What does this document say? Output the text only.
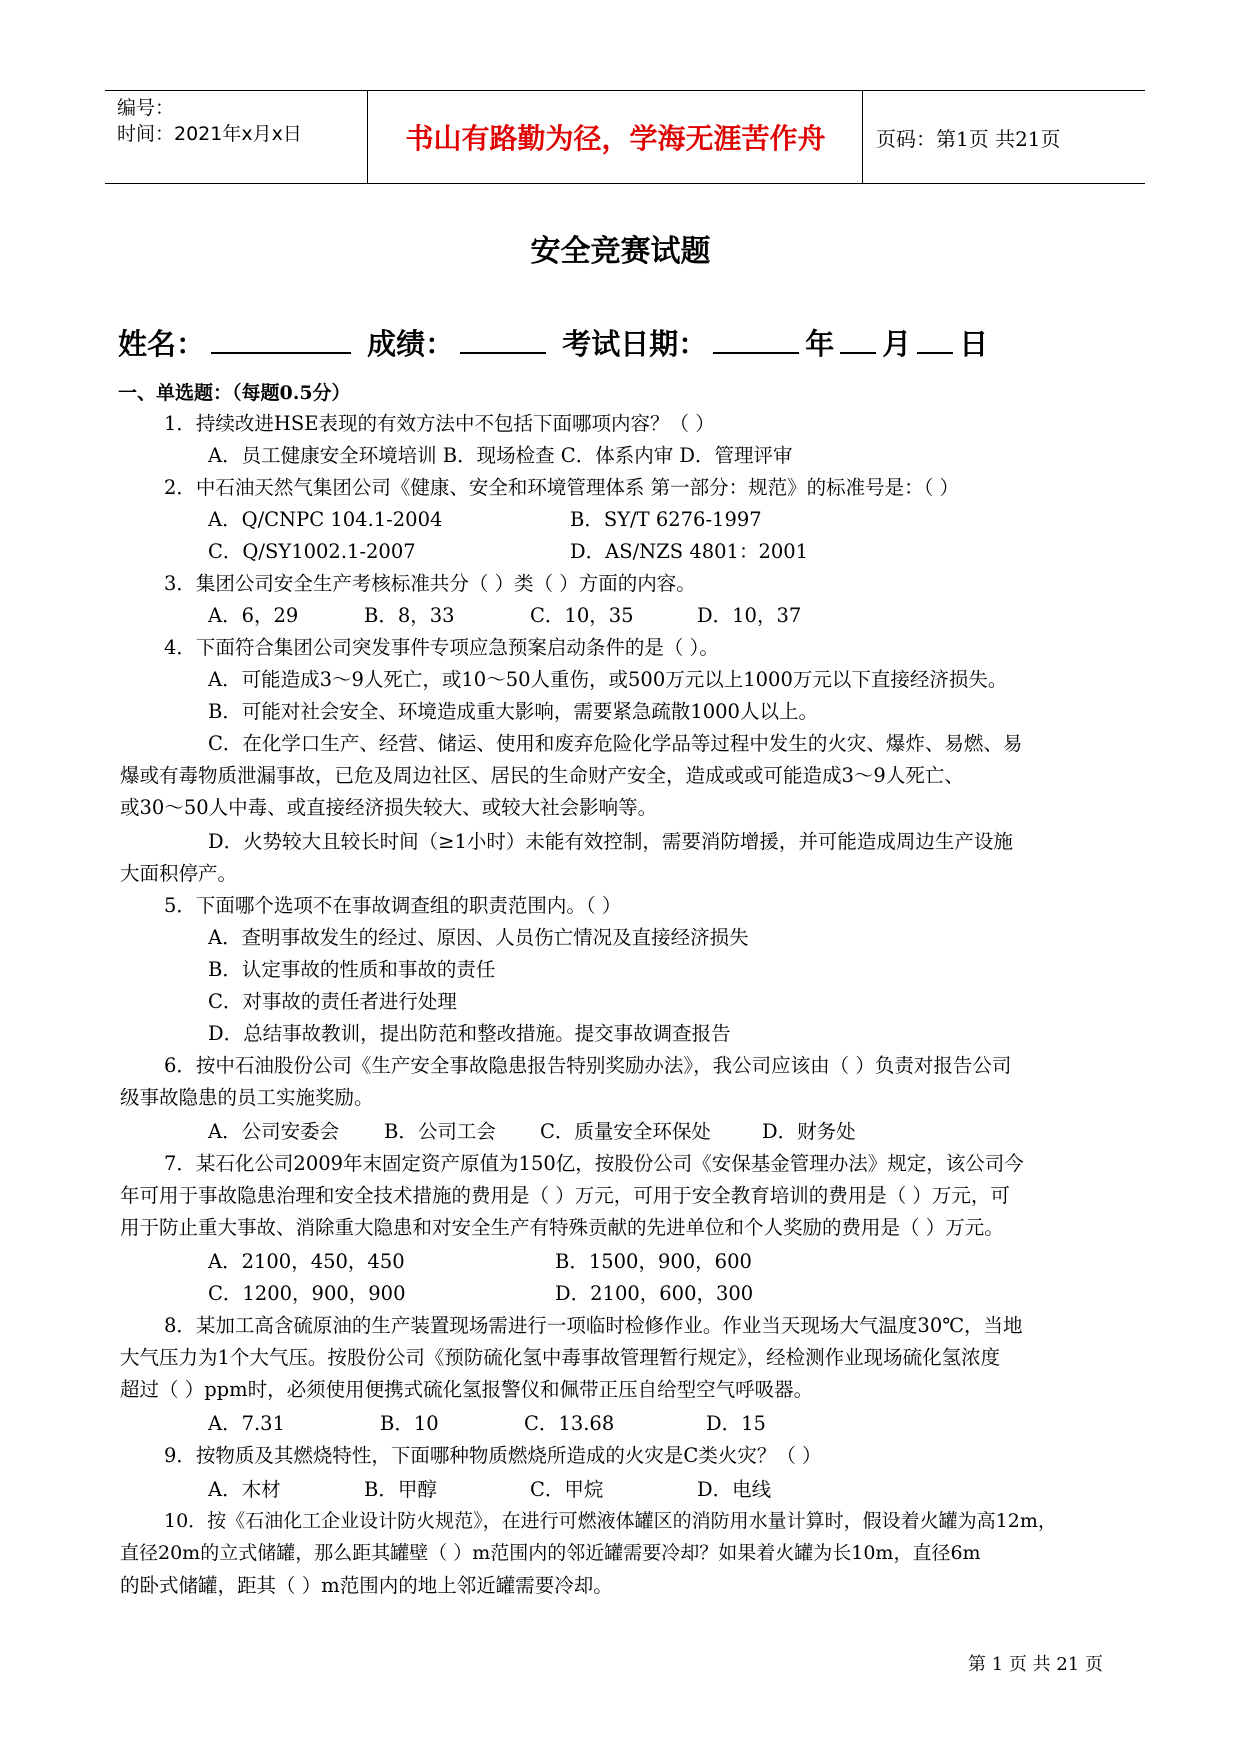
编号：
时间：2021年x月x日	书山有路勤为径，学海无涯苦作舟	页码：第1页 共21页
安全竞赛试题
姓名：	成绩：	考试日期：	年 月 日
一、单选题：（每题0.5分）
1．持续改进HSE表现的有效方法中不包括下面哪项内容？（ ）
A．员工健康安全环境培训 B．现场检查 C．体系内审 D．管理评审
2．中石油天然气集团公司《健康、安全和环境管理体系 第一部分：规范》的标准号是：（ ）
A．Q/CNPC 104.1-2004	B．SY/T 6276-1997
C．Q/SY1002.1-2007	D．AS/NZS 4801：2001
3．集团公司安全生产考核标准共分（ ）类（ ）方面的内容。
A．6，29	B．8，33	C．10，35	D．10，37
4．下面符合集团公司突发事件专项应急预案启动条件的是（ ）。
A．可能造成3～9人死亡，或10～50人重伤，或500万元以上1000万元以下直接经济损失。
B．可能对社会安全、环境造成重大影响，需要紧急疏散1000人以上。
C．在化学口生产、经营、储运、使用和废弃危险化学品等过程中发生的火灾、爆炸、易燃、易
爆或有毒物质泄漏事故，已危及周边社区、居民的生命财产安全，造成或或可能造成3～9人死亡、
或30～50人中毒、或直接经济损失较大、或较大社会影响等。
D．火势较大且较长时间（≥1小时）未能有效控制，需要消防增援，并可能造成周边生产设施
大面积停产。
5．下面哪个选项不在事故调查组的职责范围内。（ ）
A．查明事故发生的经过、原因、人员伤亡情况及直接经济损失
B．认定事故的性质和事故的责任
C．对事故的责任者进行处理
D．总结事故教训，提出防范和整改措施。提交事故调查报告
6．按中石油股份公司《生产安全事故隐患报告特别奖励办法》，我公司应该由（ ）负责对报告公司
级事故隐患的员工实施奖励。
A．公司安委会 B．公司工会 C．质量安全环保处	D．财务处
7．某石化公司2009年末固定资产原值为150亿，按股份公司《安保基金管理办法》规定，该公司今
年可用于事故隐患治理和安全技术措施的费用是（ ）万元，可用于安全教育培训的费用是（ ）万元，可
用于防止重大事故、消除重大隐患和对安全生产有特殊贡献的先进单位和个人奖励的费用是（ ）万元。
A．2100，450，450	B．1500，900，600
C．1200，900，900	D．2100，600，300
8．某加工高含硫原油的生产装置现场需进行一项临时检修作业。作业当天现场大气温度30℃，当地
大气压力为1个大气压。按股份公司《预防硫化氢中毒事故管理暂行规定》，经检测作业现场硫化氢浓度
超过（ ）ppm时，必须使用便携式硫化氢报警仪和佩带正压自给型空气呼吸器。
A．7.31	B．10	C．13.68	D．15
9．按物质及其燃烧特性，下面哪种物质燃烧所造成的火灾是C类火灾？（ ）
A．木材	B．甲醇	C．甲烷	D．电线
10．按《石油化工企业设计防火规范》，在进行可燃液体罐区的消防用水量计算时，假设着火罐为高12m，
直径20m的立式储罐，那么距其罐壁（ ）m范围内的邻近罐需要冷却？如果着火罐为长10m，直径6m
的卧式储罐，距其（ ）m范围内的地上邻近罐需要冷却。
第 1 页 共 21 页
